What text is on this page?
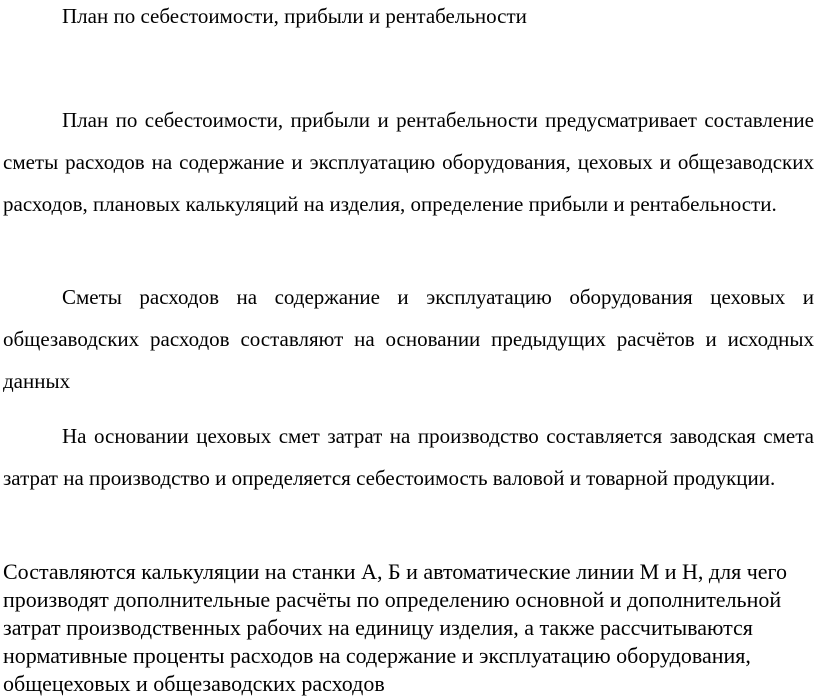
План по себестоимости, прибыли и рентабельности

План по себестоимости, прибыли и рентабельности предусматривает составление сметы расходов на содержание и эксплуатацию оборудования, цеховых и общезаводских расходов, плановых калькуляций на изделия, определение прибыли и рентабельности.

Сметы расходов на содержание и эксплуатацию оборудования цеховых и общезаводских расходов составляют на основании предыдущих расчётов и исходных данных

На основании цеховых смет затрат на производство составляется заводская смета затрат на производство и определяется себестоимость валовой и товарной продукции.

Составляются калькуляции на станки А, Б и автоматические линии М и Н, для чего производят дополнительные расчёты по определению основной и дополнительной затрат производственных рабочих на единицу изделия, а также рассчитываются нормативные проценты расходов на содержание и эксплуатацию оборудования, общецеховых и общезаводских расходов
